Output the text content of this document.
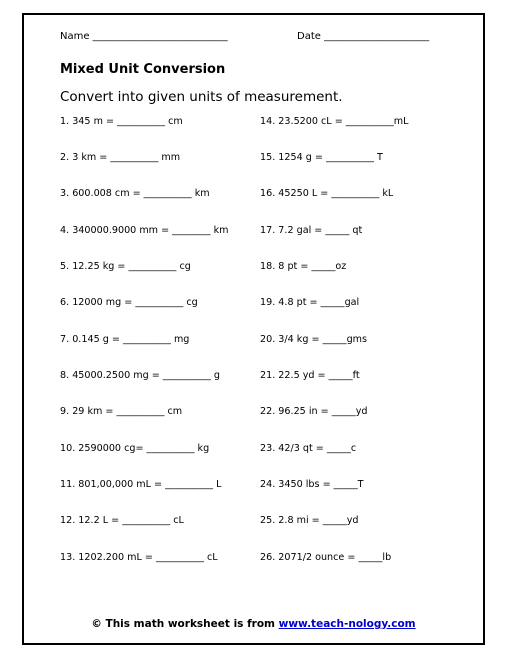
Name ___________________________	Date _____________________
Mixed Unit Conversion
Convert into given units of measurement.
1. 345 m = __________ cm
2. 3 km = __________ mm
3. 600.008 cm = __________ km
4. 340000.9000 mm = ________ km
5. 12.25 kg = __________ cg
6. 12000 mg = __________ cg
7. 0.145 g = __________ mg
8. 45000.2500 mg = __________ g
9. 29 km = __________ cm
10. 2590000 cg= __________ kg
11. 801,00,000 mL = __________ L
12. 12.2 L = __________ cL
13. 1202.200 mL = __________ cL
14. 23.5200 cL = __________mL
15. 1254 g = __________ T
16. 45250 L = __________ kL
17. 7.2 gal = _____ qt
18. 8 pt = _____oz
19. 4.8 pt = _____gal
20. 3/4 kg = _____gms
21. 22.5 yd = _____ft
22. 96.25 in = _____yd
23. 42/3 qt = _____c
24. 3450 lbs = _____T
25. 2.8 mi = _____yd
26. 2071/2 ounce = _____lb
© This math worksheet is from www.teach-nology.com
